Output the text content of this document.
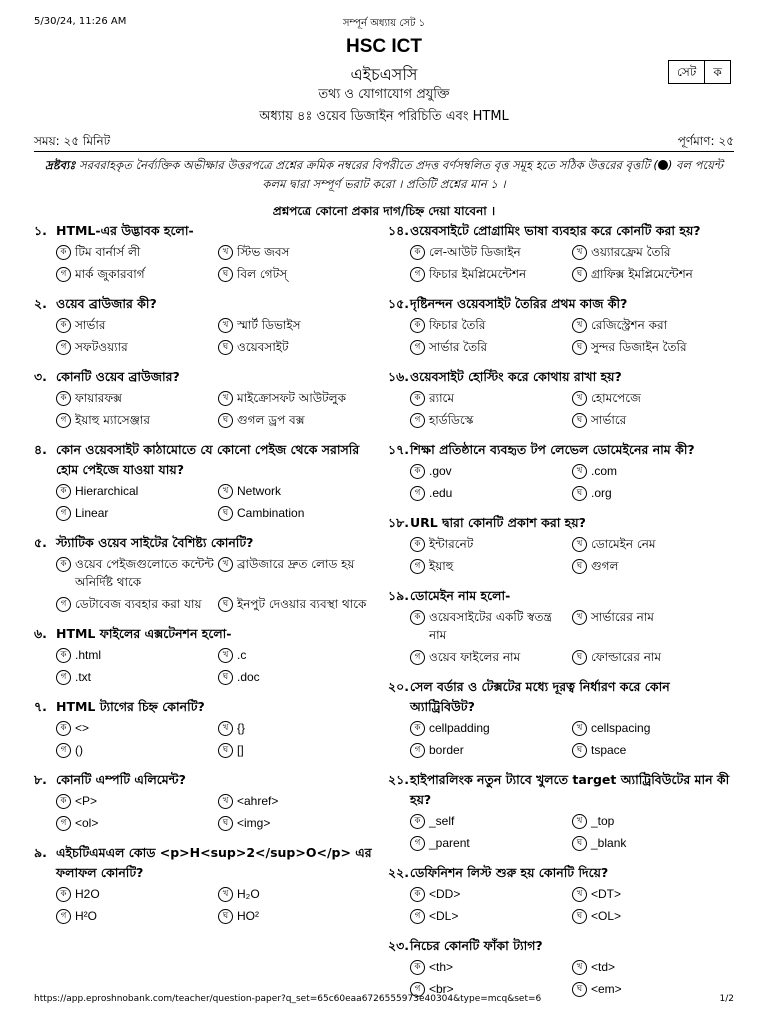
5/30/24, 11:26 AM	সম্পূর্ন অধ্যায় সেট ১
HSC ICT
এইচএসসি
তথ্য ও যোগাযোগ প্রযুক্তি
অধ্যায় ৪ঃ ওয়েব ডিজাইন পরিচিতি এবং HTML
সেট	ক
সময়: ২৫ মিনিট	পূর্ণমাণ: ২৫
দ্রষ্টব্যঃ সরবরাহকৃত নৈর্ব্যক্তিক অভীক্ষার উত্তরপত্রে প্রশ্নের ক্রমিক নম্বরের বিপরীতে প্রদত্ত বর্ণসম্বলিত বৃত্ত সমূহ হতে সঠিক উত্তরের বৃত্তটি ( ) বল পয়েন্ট কলম দ্বারা সম্পূর্ণ ভরাট করো । প্রতিটি প্রশ্নের মান ১ ।
প্রশ্নপত্রে কোনো প্রকার দাগ/চিহ্ন দেয়া যাবেনা ।
১. HTML-এর উদ্ভাবক হলো-
ক টিম বার্নার্স লী	খ স্টিভ জবস
গ মার্ক জুকারবার্গ	ঘ বিল গেটস্‌
২. ওয়েব ব্রাউজার কী?
ক সার্ভার	খ স্মার্ট ডিভাইস
গ সফটওয়্যার	ঘ ওয়েবসাইট
৩. কোনটি ওয়েব ব্রাউজার?
ক ফায়ারফক্স	খ মাইক্রোসফট আউটলুক
গ ইয়াহু ম্যাসেঞ্জার	ঘ গুগল ড্রপ বক্স
৪. কোন ওয়েবসাইট কাঠামোতে যে কোনো পেইজ থেকে সরাসরি হোম পেইজে যাওয়া যায়?
ক Hierarchical	খ Network
গ Linear	ঘ Cambination
৫. স্ট্যাটিক ওয়েব সাইটের বৈশিষ্ট্য কোনটি?
ক ওয়েব পেইজগুলোতে কন্টেন্ট অনির্দিষ্ট থাকে
খ ব্রাউজারে দ্রুত লোড হয়
গ ডেটাবেজ ব্যবহার করা যায়	ঘ ইনপুট দেওয়ার ব্যবস্থা থাকে
৬. HTML ফাইলের এক্সটেনশন হলো-
ক .html	খ .c
গ .txt	ঘ .doc
৭. HTML ট্যাগের চিহ্ন কোনটি?
ক <>	খ {}
গ ()	ঘ []
৮. কোনটি এম্পটি এলিমেন্ট?
ক <P>	খ <ahref>
গ <ol>	ঘ <img>
৯. এইচটিএমএল কোড <p>H<sup>2</sup>O</p> এর ফলাফল কোনটি?
ক H2O	খ H₂O
গ H²O	ঘ HO²
১৪. ওয়েবসাইটে প্রোগ্রামিং ভাষা ব্যবহার করে কোনটি করা হয়?
ক লে-আউট ডিজাইন	খ ওয়্যারফ্রেম তৈরি
গ ফিচার ইমপ্লিমেন্টেশন	ঘ গ্রাফিক্স ইমপ্লিমেন্টেশন
১৫. দৃষ্টিনন্দন ওয়েবসাইট তৈরির প্রথম কাজ কী?
ক ফিচার তৈরি	খ রেজিস্ট্রেশন করা
গ সার্ভার তৈরি	ঘ সুন্দর ডিজাইন তৈরি
১৬. ওয়েবসাইট হোস্টিং করে কোথায় রাখা হয়?
ক র‍্যামে	খ হোমপেজে
গ হার্ডডিস্কে	ঘ সার্ভারে
১৭. শিক্ষা প্রতিষ্ঠানে ব্যবহৃত টপ লেভেল ডোমেইনের নাম কী?
ক .gov	খ .com
গ .edu	ঘ .org
১৮. URL দ্বারা কোনটি প্রকাশ করা হয়?
ক ইন্টারনেট	খ ডোমেইন নেম
গ ইয়াহু	ঘ গুগল
১৯. ডোমেইন নাম হলো-
ক ওয়েবসাইটের একটি স্বতন্ত্র নাম
খ সার্ভারের নাম
গ ওয়েব ফাইলের নাম	ঘ ফোল্ডারের নাম
২০. সেল বর্ডার ও টেক্সটের মধ্যে দূরত্ব নির্ধারণ করে কোন অ্যাট্রিবিউট?
ক cellpadding	খ cellspacing
গ border	ঘ tspace
২১. হাইপারলিংক নতুন ট্যাবে খুলতে target অ্যাট্রিবিউটের মান কী হয়?
ক _self	খ _top
গ _parent	ঘ _blank
২২. ডেফিনিশন লিস্ট শুরু হয় কোনটি দিয়ে?
ক <DD>	খ <DT>
গ <DL>	ঘ <OL>
২৩. নিচের কোনটি ফাঁকা ট্যাগ?
ক <th>	খ <td>
গ <br>	ঘ <em>
https://app.eproshnobank.com/teacher/question-paper?q_set=65c60eaa6726555973e40304&type=mcq&set=6	1/2
